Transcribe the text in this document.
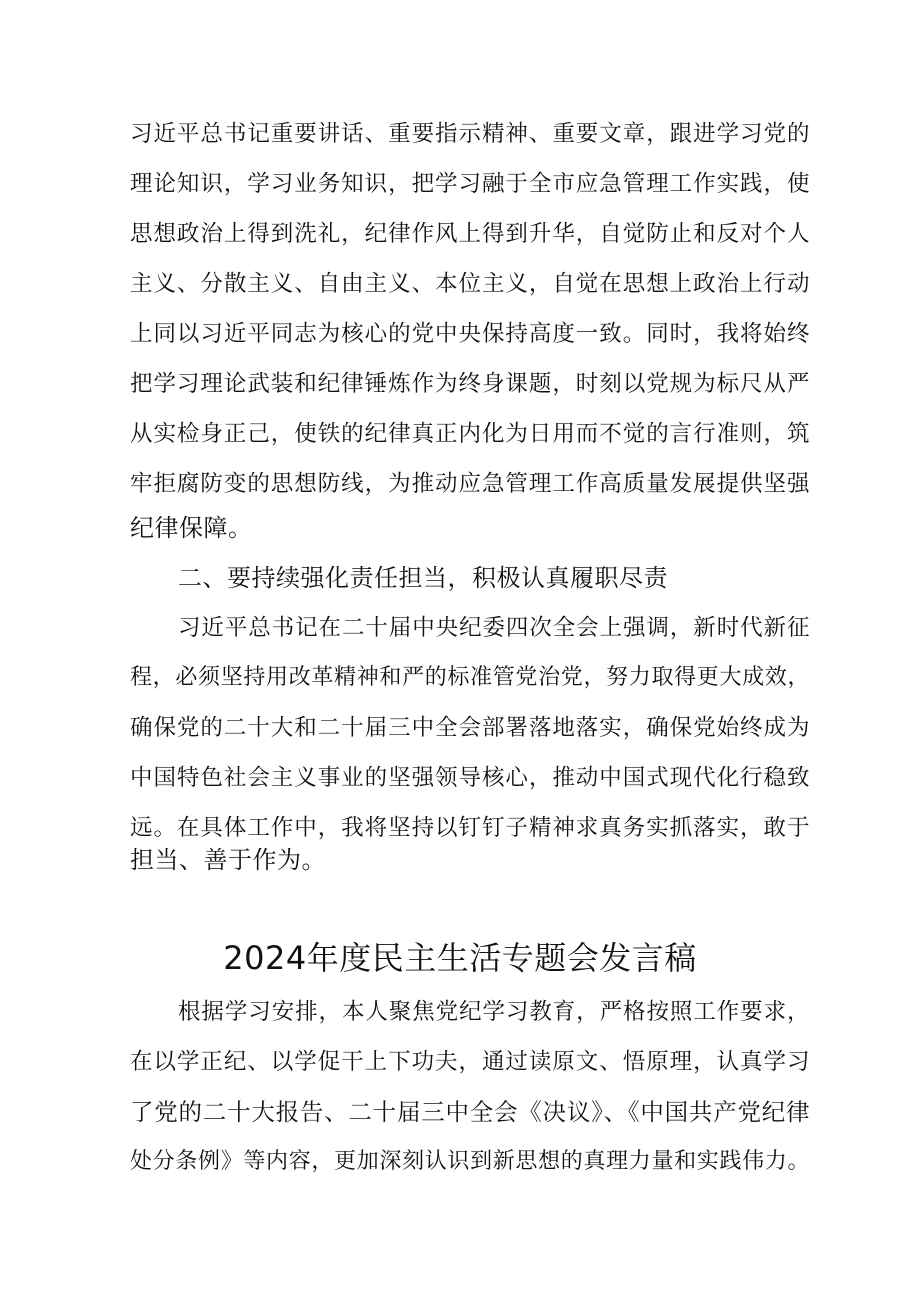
习近平总书记重要讲话、重要指示精神、重要文章，跟进学习党的
理论知识，学习业务知识，把学习融于全市应急管理工作实践，使
思想政治上得到洗礼，纪律作风上得到升华，自觉防止和反对个人
主义、分散主义、自由主义、本位主义，自觉在思想上政治上行动
上同以习近平同志为核心的党中央保持高度一致。同时，我将始终
把学习理论武装和纪律锤炼作为终身课题，时刻以党规为标尺从严
从实检身正己，使铁的纪律真正内化为日用而不觉的言行准则，筑
牢拒腐防变的思想防线，为推动应急管理工作高质量发展提供坚强
纪律保障。
二、要持续强化责任担当，积极认真履职尽责
习近平总书记在二十届中央纪委四次全会上强调，新时代新征
程，必须坚持用改革精神和严的标准管党治党，努力取得更大成效，
确保党的二十大和二十届三中全会部署落地落实，确保党始终成为
中国特色社会主义事业的坚强领导核心，推动中国式现代化行稳致
远。在具体工作中，我将坚持以钉钉子精神求真务实抓落实，敢于
担当、善于作为。
2024年度民主生活专题会发言稿
根据学习安排，本人聚焦党纪学习教育，严格按照工作要求，
在以学正纪、以学促干上下功夫，通过读原文、悟原理，认真学习
了党的二十大报告、二十届三中全会《决议》、《中国共产党纪律
处分条例》等内容，更加深刻认识到新思想的真理力量和实践伟力。
